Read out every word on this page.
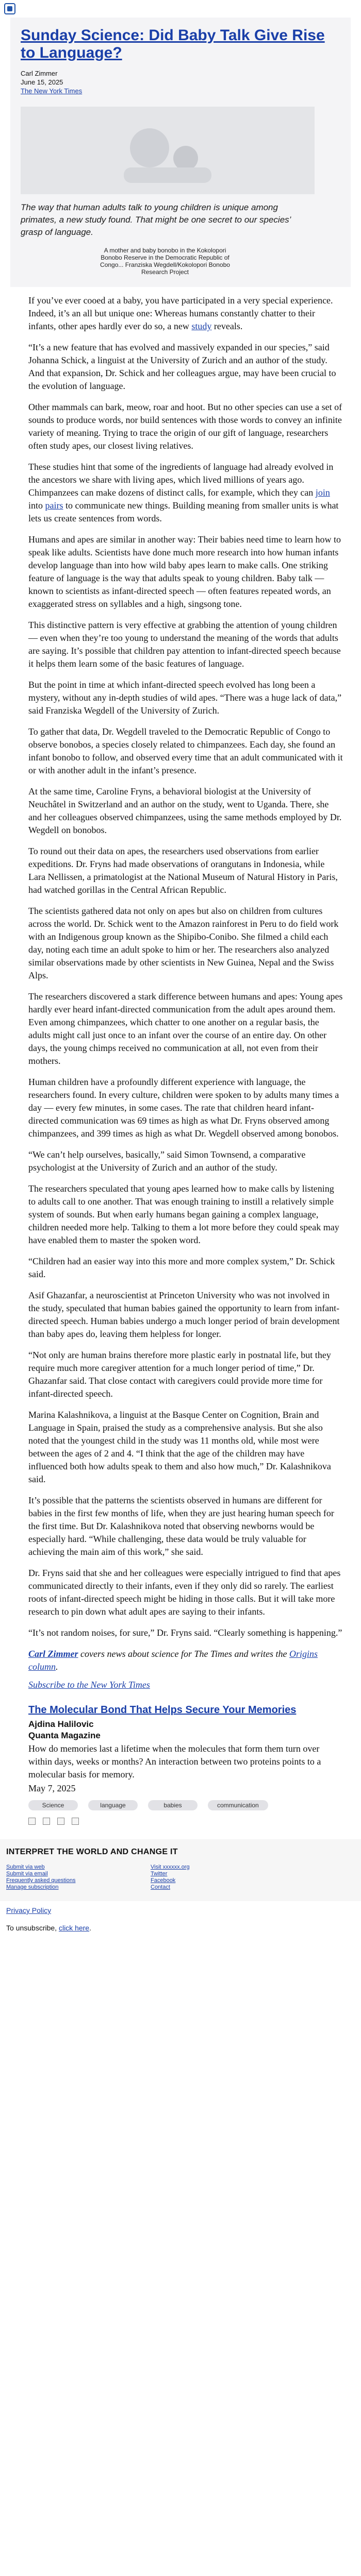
Sunday Science: Did Baby Talk Give Rise to Language?
Carl Zimmer
June 15, 2025
The New York Times
The way that human adults talk to young children is unique among primates, a new study found. That might be one secret to our species’ grasp of language.
A mother and baby bonobo in the Kokolopori
Bonobo Reserve in the Democratic Republic of
Congo... Franziska Wegdell/Kokolopori Bonobo
Research Project

If you’ve ever cooed at a baby, you have participated in a very special experience. Indeed, it’s an all but unique one: Whereas humans constantly chatter to their infants, other apes hardly ever do so, a new study reveals.

“It’s a new feature that has evolved and massively expanded in our species,” said Johanna Schick, a linguist at the University of Zurich and an author of the study. And that expansion, Dr. Schick and her colleagues argue, may have been crucial to the evolution of language.

Other mammals can bark, meow, roar and hoot. But no other species can use a set of sounds to produce words, nor build sentences with those words to convey an infinite variety of meaning. Trying to trace the origin of our gift of language, researchers often study apes, our closest living relatives.

These studies hint that some of the ingredients of language had already evolved in the ancestors we share with living apes, which lived millions of years ago. Chimpanzees can make dozens of distinct calls, for example, which they can join into pairs to communicate new things. Building meaning from smaller units is what lets us create sentences from words.

Humans and apes are similar in another way: Their babies need time to learn how to speak like adults. Scientists have done much more research into how human infants develop language than into how wild baby apes learn to make calls. One striking feature of language is the way that adults speak to young children. Baby talk — known to scientists as infant-directed speech — often features repeated words, an exaggerated stress on syllables and a high, singsong tone.

This distinctive pattern is very effective at grabbing the attention of young children — even when they’re too young to understand the meaning of the words that adults are saying. It’s possible that children pay attention to infant-directed speech because it helps them learn some of the basic features of language.

But the point in time at which infant-directed speech evolved has long been a mystery, without any in-depth studies of wild apes. “There was a huge lack of data,” said Franziska Wegdell of the University of Zurich.

To gather that data, Dr. Wegdell traveled to the Democratic Republic of Congo to observe bonobos, a species closely related to chimpanzees. Each day, she found an infant bonobo to follow, and observed every time that an adult communicated with it or with another adult in the infant’s presence.

At the same time, Caroline Fryns, a behavioral biologist at the University of Neuchâtel in Switzerland and an author on the study, went to Uganda. There, she and her colleagues observed chimpanzees, using the same methods employed by Dr. Wegdell on bonobos.

To round out their data on apes, the researchers used observations from earlier expeditions. Dr. Fryns had made observations of orangutans in Indonesia, while Lara Nellissen, a primatologist at the National Museum of Natural History in Paris, had watched gorillas in the Central African Republic.

The scientists gathered data not only on apes but also on children from cultures across the world. Dr. Schick went to the Amazon rainforest in Peru to do field work with an Indigenous group known as the Shipibo-Conibo. She filmed a child each day, noting each time an adult spoke to him or her. The researchers also analyzed similar observations made by other scientists in New Guinea, Nepal and the Swiss Alps.

The researchers discovered a stark difference between humans and apes: Young apes hardly ever heard infant-directed communication from the adult apes around them. Even among chimpanzees, which chatter to one another on a regular basis, the adults might call just once to an infant over the course of an entire day. On other days, the young chimps received no communication at all, not even from their mothers.

Human children have a profoundly different experience with language, the researchers found. In every culture, children were spoken to by adults many times a day — every few minutes, in some cases. The rate that children heard infant-directed communication was 69 times as high as what Dr. Fryns observed among chimpanzees, and 399 times as high as what Dr. Wegdell observed among bonobos.

“We can’t help ourselves, basically,” said Simon Townsend, a comparative psychologist at the University of Zurich and an author of the study.

The researchers speculated that young apes learned how to make calls by listening to adults call to one another. That was enough training to instill a relatively simple system of sounds. But when early humans began gaining a complex language, children needed more help. Talking to them a lot more before they could speak may have enabled them to master the spoken word.

“Children had an easier way into this more and more complex system,” Dr. Schick said.

Asif Ghazanfar, a neuroscientist at Princeton University who was not involved in the study, speculated that human babies gained the opportunity to learn from infant-directed speech. Human babies undergo a much longer period of brain development than baby apes do, leaving them helpless for longer.

“Not only are human brains therefore more plastic early in postnatal life, but they require much more caregiver attention for a much longer period of time,” Dr. Ghazanfar said. That close contact with caregivers could provide more time for infant-directed speech.

Marina Kalashnikova, a linguist at the Basque Center on Cognition, Brain and Language in Spain, praised the study as a comprehensive analysis. But she also noted that the youngest child in the study was 11 months old, while most were between the ages of 2 and 4. “I think that the age of the children may have influenced both how adults speak to them and also how much,” Dr. Kalashnikova said.

It’s possible that the patterns the scientists observed in humans are different for babies in the first few months of life, when they are just hearing human speech for the first time. But Dr. Kalashnikova noted that observing newborns would be especially hard. “While challenging, these data would be truly valuable for achieving the main aim of this work,” she said.

Dr. Fryns said that she and her colleagues were especially intrigued to find that apes communicated directly to their infants, even if they only did so rarely. The earliest roots of infant-directed speech might be hiding in those calls. But it will take more research to pin down what adult apes are saying to their infants.

“It’s not random noises, for sure,” Dr. Fryns said. “Clearly something is happening.”

Carl Zimmer covers news about science for The Times and writes the Origins column.
Subscribe to the New York Times
The Molecular Bond That Helps Secure Your Memories
Ajdina Halilovic
Quanta Magazine
How do memories last a lifetime when the molecules that form them turn over within days, weeks or months? An interaction between two proteins points to a molecular basis for memory.
May 7, 2025
Science	language	babies	communication
INTERPRET THE WORLD AND CHANGE IT
Submit via web
Submit via email
Frequently asked questions
Manage subscription
Visit xxxxxx.org
Twitter
Facebook
Contact
Privacy Policy
To unsubscribe, click here.
